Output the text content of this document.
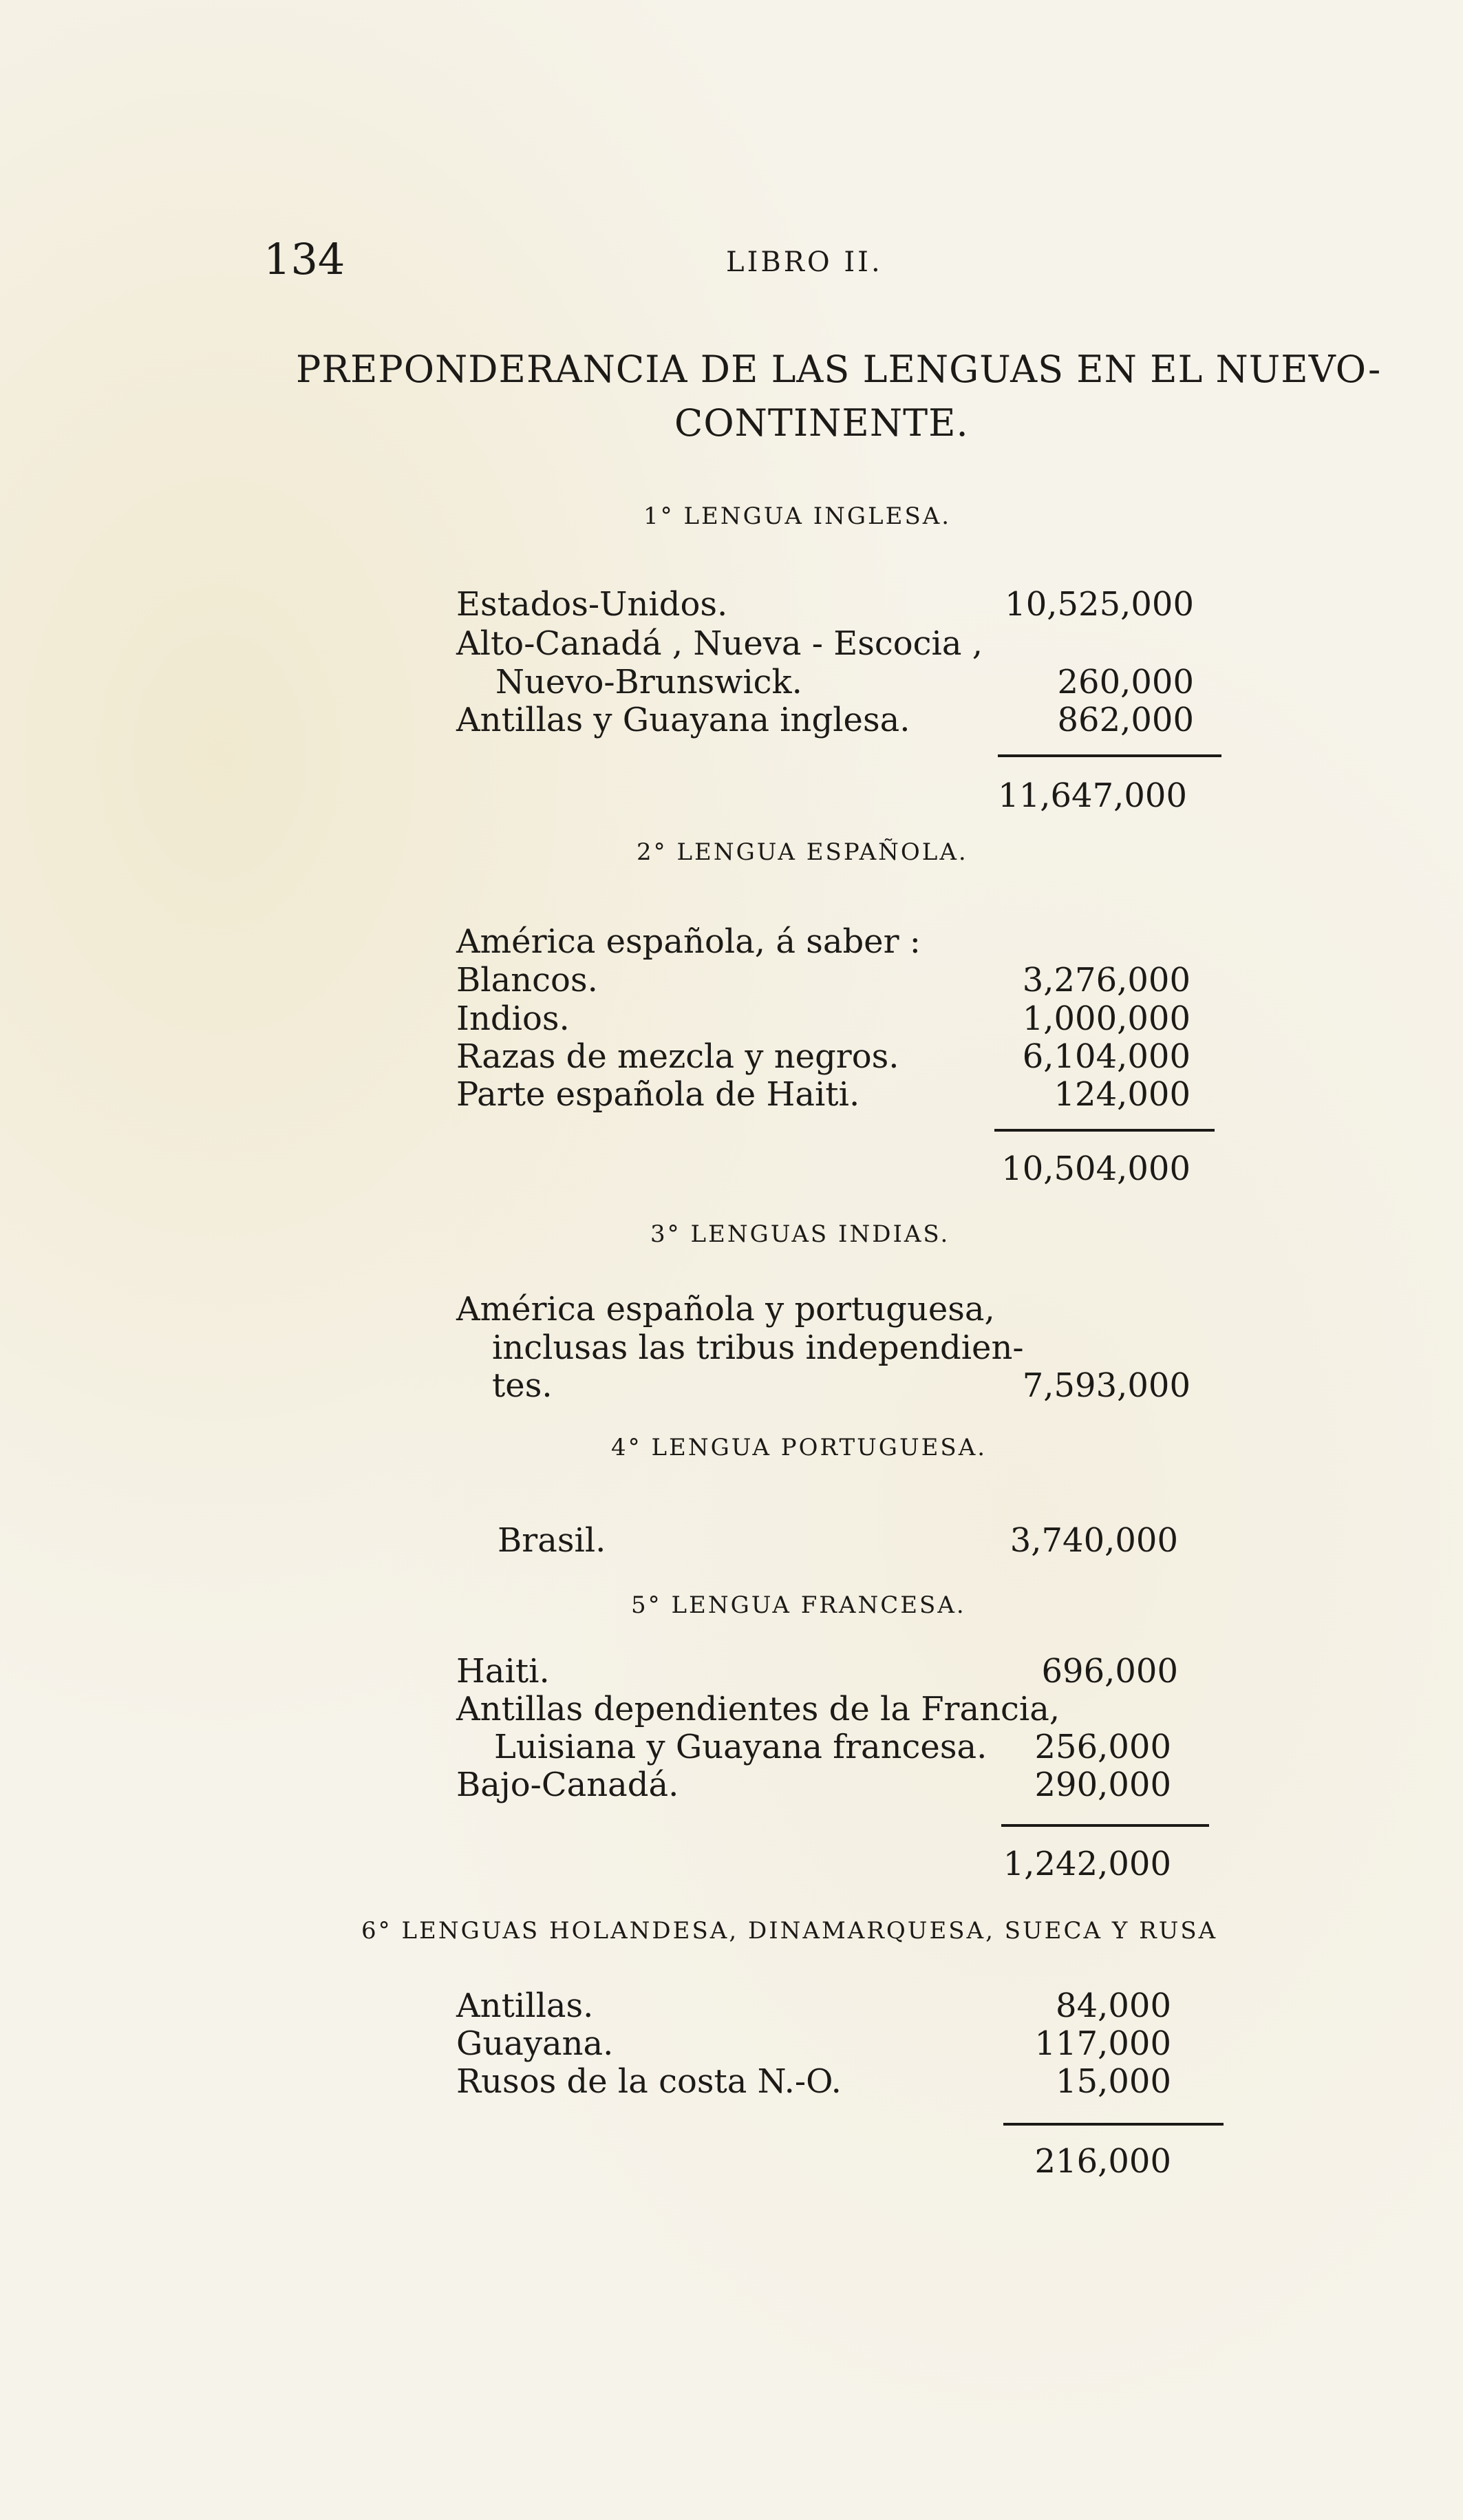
134	LIBRO II.
PREPONDERANCIA DE LAS LENGUAS EN EL NUEVO-
CONTINENTE.
1° LENGUA INGLESA.
Estados-Unidos.	10,525,000
Alto-Canadá , Nueva - Escocia ,
Nuevo-Brunswick.	260,000
Antillas y Guayana inglesa.	862,000
11,647,000
2° LENGUA ESPAÑOLA.
América española, á saber :
Blancos.	3,276,000
Indios.	1,000,000
Razas de mezcla y negros.	6,104,000
Parte española de Haiti.	124,000
10,504,000
3° LENGUAS INDIAS.
América española y portuguesa,
inclusas las tribus independien-
tes.	7,593,000
4° LENGUA PORTUGUESA.
Brasil.	3,740,000
5° LENGUA FRANCESA.
Haiti.	696,000
Antillas dependientes de la Francia,
Luisiana y Guayana francesa.	256,000
Bajo-Canadá.	290,000
1,242,000
6° LENGUAS HOLANDESA, DINAMARQUESA, SUECA Y RUSA
Antillas.	84,000
Guayana.	117,000
Rusos de la costa N.-O.	15,000
216,000
